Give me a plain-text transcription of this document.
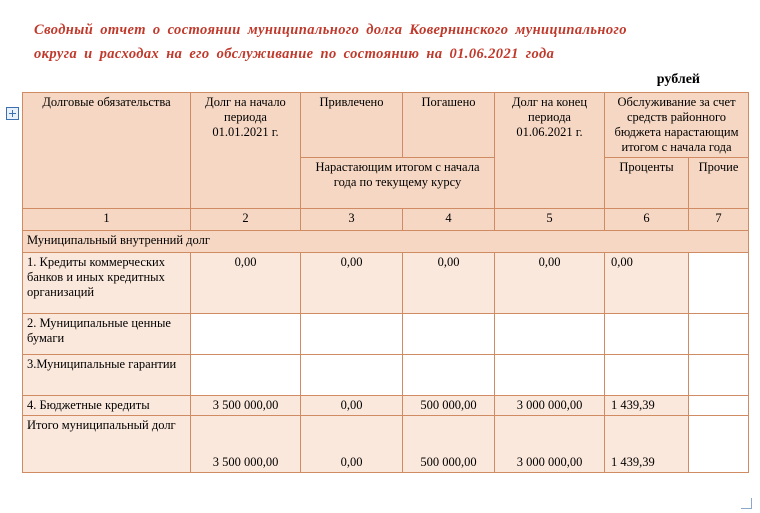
Сводный отчет о состоянии муниципального долга Ковернинского муниципального
округа и расходах на его обслуживание по состоянию на 01.06.2021 года
рублей
Долговые обязательства	Долг на начало периода 01.01.2021 г.	Привлечено	Погашено	Долг на конец периода 01.06.2021 г.	Обслуживание за счет средств районного бюджета нарастающим итогом с начала года	
		Нарастающим итогом с начала года по текущему курсу			Проценты	Прочие
1	2	3	4	5	6	7
Муниципальный внутренний долг						
1. Кредиты коммерческих банков и иных кредитных организаций	0,00	0,00	0,00	0,00	0,00	
2. Муниципальные ценные бумаги						
3.Муниципальные гарантии						
4. Бюджетные кредиты	3 500 000,00	0,00	500 000,00	3 000 000,00	1 439,39	
Итого муниципальный долг	3 500 000,00	0,00	500 000,00	3 000 000,00	1 439,39	
